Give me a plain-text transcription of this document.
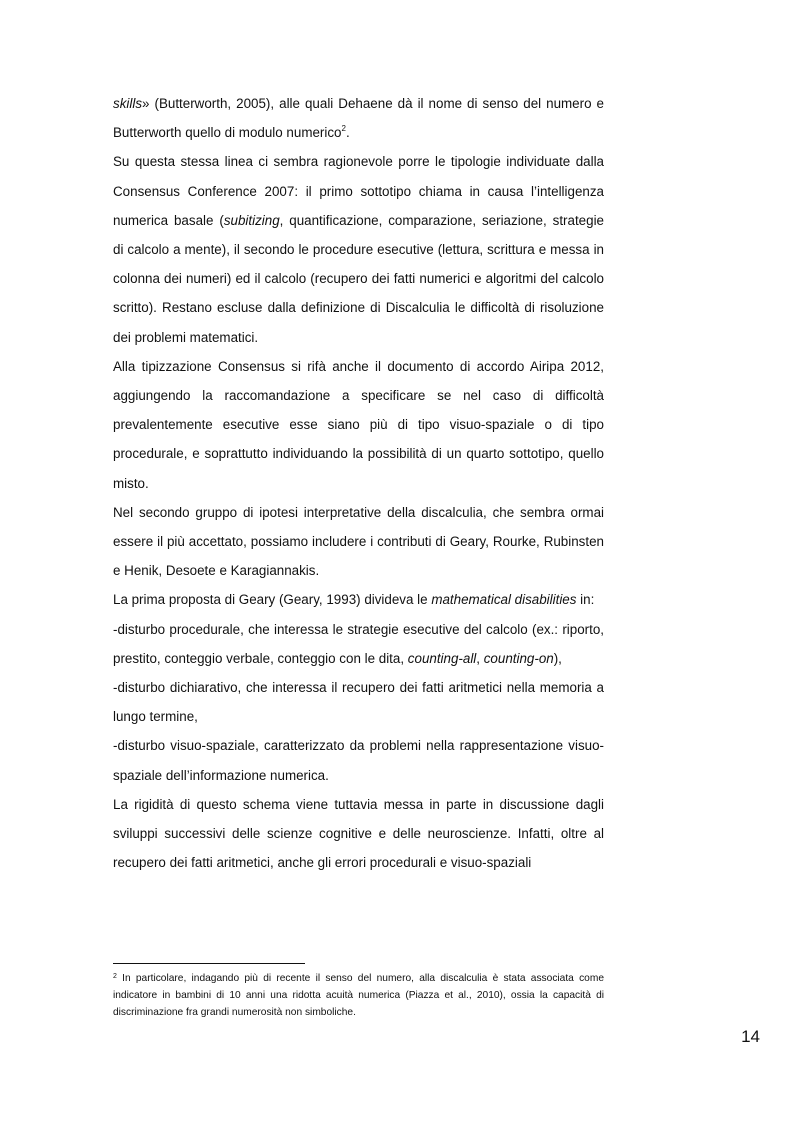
skills» (Butterworth, 2005), alle quali Dehaene dà il nome di senso del numero e Butterworth quello di modulo numerico$^2$.

Su questa stessa linea ci sembra ragionevole porre le tipologie individuate dalla Consensus Conference 2007: il primo sottotipo chiama in causa l’intelligenza numerica basale (subitizing, quantificazione, comparazione, seriazione, strategie di calcolo a mente), il secondo le procedure esecutive (lettura, scrittura e messa in colonna dei numeri) ed il calcolo (recupero dei fatti numerici e algoritmi del calcolo scritto). Restano escluse dalla definizione di Discalculia le difficoltà di risoluzione dei problemi matematici.

Alla tipizzazione Consensus si rifà anche il documento di accordo Airipa 2012, aggiungendo la raccomandazione a specificare se nel caso di difficoltà prevalentemente esecutive esse siano più di tipo visuo-spaziale o di tipo procedurale, e soprattutto individuando la possibilità di un quarto sottotipo, quello misto.

Nel secondo gruppo di ipotesi interpretative della discalculia, che sembra ormai essere il più accettato, possiamo includere i contributi di Geary, Rourke, Rubinsten e Henik, Desoete e Karagiannakis.

La prima proposta di Geary (Geary, 1993) divideva le mathematical disabilities in:

-disturbo procedurale, che interessa le strategie esecutive del calcolo (ex.: riporto, prestito, conteggio verbale, conteggio con le dita, counting-all, counting-on),

-disturbo dichiarativo, che interessa il recupero dei fatti aritmetici nella memoria a lungo termine,

-disturbo visuo-spaziale, caratterizzato da problemi nella rappresentazione visuo-spaziale dell’informazione numerica.

La rigidità di questo schema viene tuttavia messa in parte in discussione dagli sviluppi successivi delle scienze cognitive e delle neuroscienze. Infatti, oltre al recupero dei fatti aritmetici, anche gli errori procedurali e visuo-spaziali

$^2$ In particolare, indagando più di recente il senso del numero, alla discalculia è stata associata come indicatore in bambini di 10 anni una ridotta acuità numerica (Piazza et al., 2010), ossia la capacità di discriminazione fra grandi numerosità non simboliche.

14
